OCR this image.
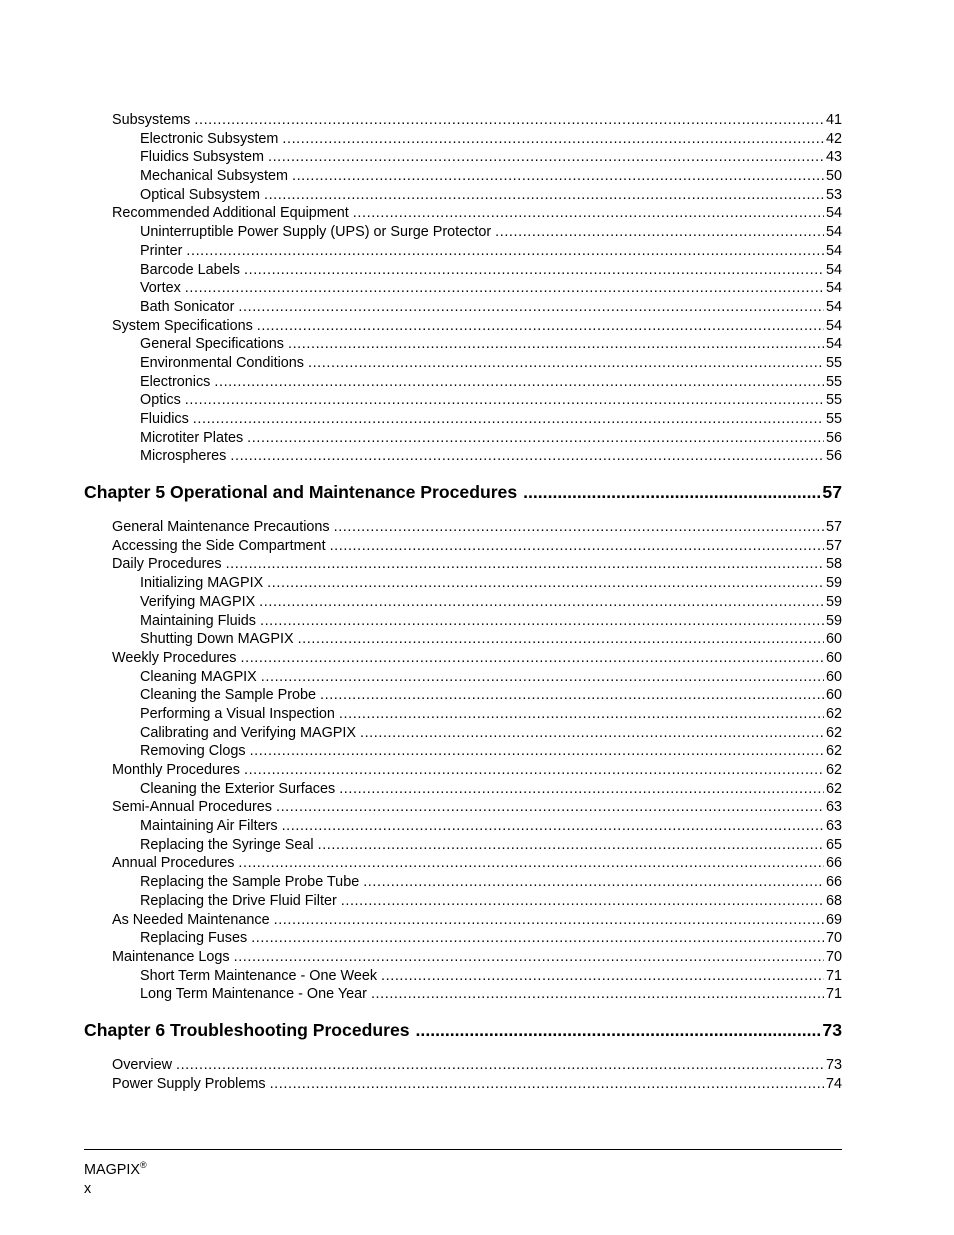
Subsystems .....	41
Electronic Subsystem .....	42
Fluidics Subsystem .....	43
Mechanical Subsystem .....	50
Optical Subsystem .....	53
Recommended Additional Equipment .....	54
Uninterruptible Power Supply (UPS) or Surge Protector .....	54
Printer .....	54
Barcode Labels .....	54
Vortex .....	54
Bath Sonicator .....	54
System Specifications .....	54
General Specifications .....	54
Environmental Conditions .....	55
Electronics .....	55
Optics .....	55
Fluidics .....	55
Microtiter Plates .....	56
Microspheres .....	56
Chapter 5 Operational and Maintenance Procedures .....	57
General Maintenance Precautions .....	57
Accessing the Side Compartment .....	57
Daily Procedures .....	58
Initializing MAGPIX .....	59
Verifying MAGPIX .....	59
Maintaining Fluids .....	59
Shutting Down MAGPIX .....	60
Weekly Procedures .....	60
Cleaning MAGPIX .....	60
Cleaning the Sample Probe .....	60
Performing a Visual Inspection .....	62
Calibrating and Verifying MAGPIX .....	62
Removing Clogs .....	62
Monthly Procedures .....	62
Cleaning the Exterior Surfaces .....	62
Semi-Annual Procedures .....	63
Maintaining Air Filters .....	63
Replacing the Syringe Seal .....	65
Annual Procedures .....	66
Replacing the Sample Probe Tube .....	66
Replacing the Drive Fluid Filter .....	68
As Needed Maintenance .....	69
Replacing Fuses .....	70
Maintenance Logs .....	70
Short Term Maintenance - One Week .....	71
Long Term Maintenance - One Year .....	71
Chapter 6 Troubleshooting Procedures .....	73
Overview .....	73
Power Supply Problems .....	74
MAGPIX®
x
